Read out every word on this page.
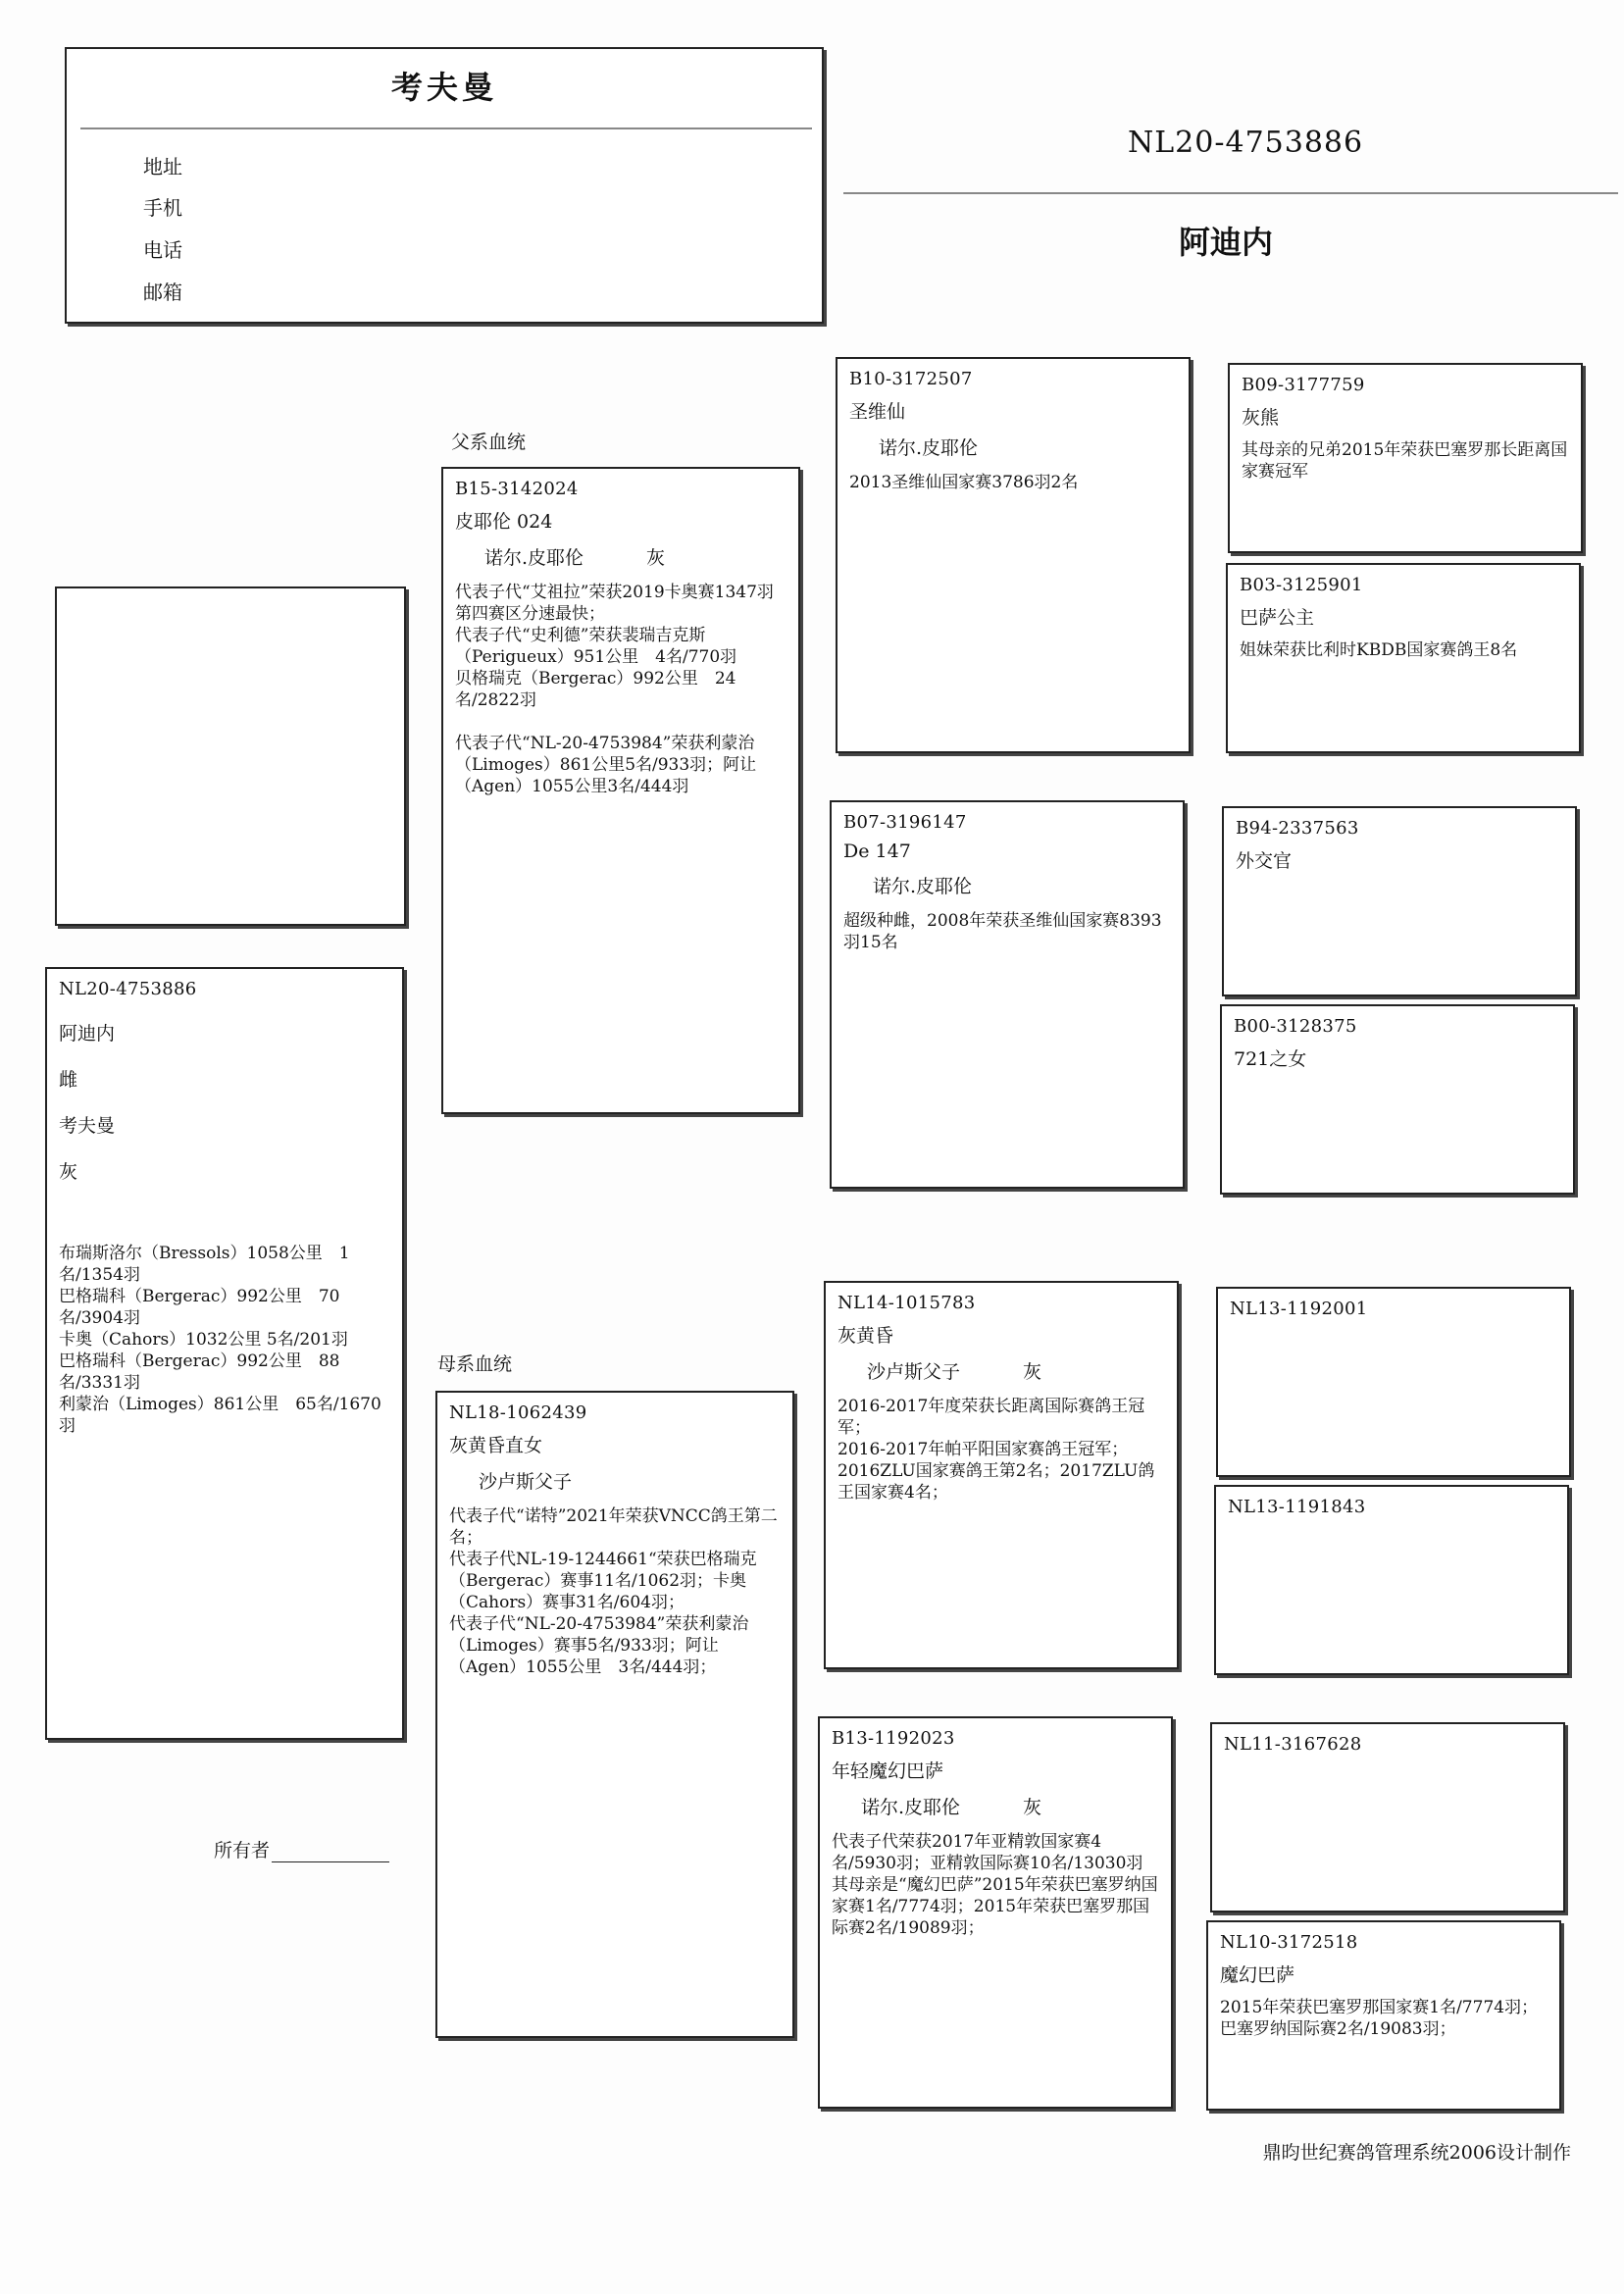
考夫曼
地址
手机
电话
邮箱
NL20-4753886
阿迪内
NL20-4753886
阿迪内
雌
考夫曼
灰
布瑞斯洛尔（Bressols）1058公里　1名/1354羽
巴格瑞科（Bergerac）992公里　70名/3904羽
卡奥（Cahors）1032公里 5名/201羽
巴格瑞科（Bergerac）992公里　88名/3331羽
利蒙治（Limoges）861公里　65名/1670羽
父系血统
母系血统
B15-3142024
皮耶伦 024
诺尔.皮耶伦	灰
代表子代“艾祖拉”荣获2019卡奥赛1347羽第四赛区分速最快；
代表子代“史利德”荣获裴瑞吉克斯（Perigueux）951公里　4名/770羽
贝格瑞克（Bergerac）992公里　24名/2822羽

代表子代“NL-20-4753984”荣获利蒙治（Limoges）861公里5名/933羽；阿让（Agen）1055公里3名/444羽
NL18-1062439
灰黄昏直女
沙卢斯父子
代表子代“诺特”2021年荣获VNCC鸽王第二名；
代表子代NL-19-1244661“荣获巴格瑞克（Bergerac）赛事11名/1062羽；卡奥（Cahors）赛事31名/604羽；
代表子代“NL-20-4753984”荣获利蒙治（Limoges）赛事5名/933羽；阿让（Agen）1055公里　3名/444羽；
B10-3172507
圣维仙
诺尔.皮耶伦
2013圣维仙国家赛3786羽2名
B07-3196147
De 147
诺尔.皮耶伦
超级种雌，2008年荣获圣维仙国家赛8393羽15名
NL14-1015783
灰黄昏
沙卢斯父子	灰
2016-2017年度荣获长距离国际赛鸽王冠军；
2016-2017年帕平阳国家赛鸽王冠军；
2016ZLU国家赛鸽王第2名；2017ZLU鸽王国家赛4名；
B13-1192023
年轻魔幻巴萨
诺尔.皮耶伦	灰
代表子代荣获2017年亚精敦国家赛4名/5930羽；亚精敦国际赛10名/13030羽
其母亲是“魔幻巴萨”2015年荣获巴塞罗纳国家赛1名/7774羽；2015年荣获巴塞罗那国际赛2名/19089羽；
B09-3177759
灰熊
其母亲的兄弟2015年荣获巴塞罗那长距离国家赛冠军
B03-3125901
巴萨公主
姐妹荣获比利时KBDB国家赛鸽王8名
B94-2337563
外交官
B00-3128375
721之女
NL13-1192001
NL13-1191843
NL11-3167628
NL10-3172518
魔幻巴萨
2015年荣获巴塞罗那国家赛1名/7774羽；巴塞罗纳国际赛2名/19083羽；
所有者
鼎昀世纪赛鸽管理系统2006设计制作
